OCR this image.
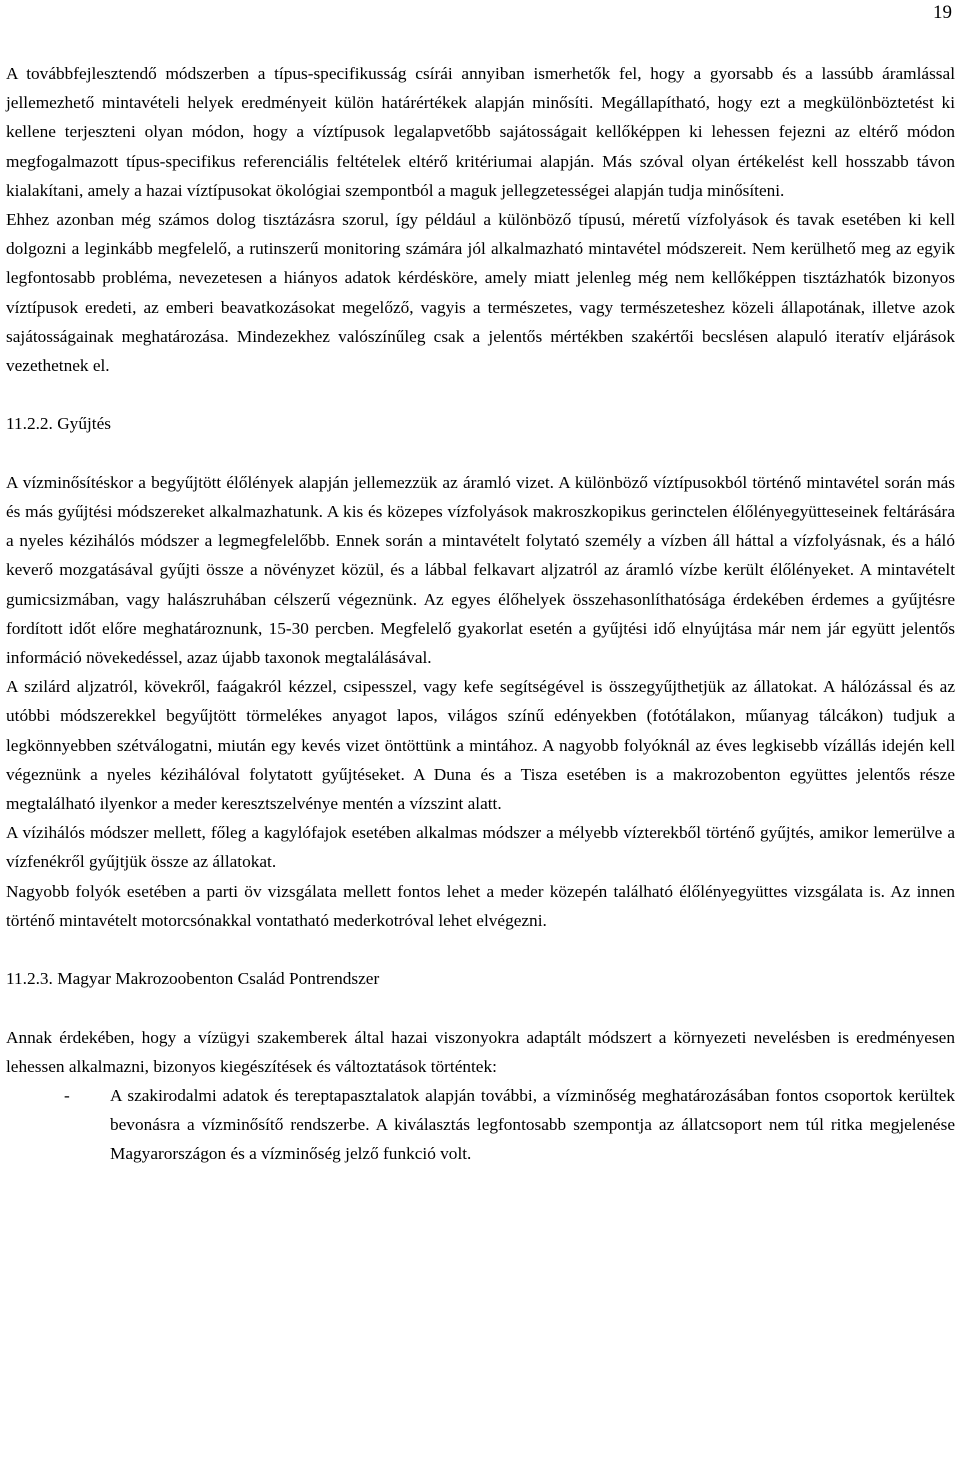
19

A továbbfejlesztendő módszerben a típus-specifikusság csírái annyiban ismerhetők fel, hogy a gyorsabb és a lassúbb áramlással jellemezhető mintavételi helyek eredményeit külön határértékek alapján minősíti. Megállapítható, hogy ezt a megkülönböztetést ki kellene terjeszteni olyan módon, hogy a víztípusok legalapvetőbb sajátosságait kellőképpen ki lehessen fejezni az eltérő módon megfogalmazott típus-specifikus referenciális feltételek eltérő kritériumai alapján. Más szóval olyan értékelést kell hosszabb távon kialakítani, amely a hazai víztípusokat ökológiai szempontból a maguk jellegzetességei alapján tudja minősíteni.

Ehhez azonban még számos dolog tisztázásra szorul, így például a különböző típusú, méretű vízfolyások és tavak esetében ki kell dolgozni a leginkább megfelelő, a rutinszerű monitoring számára jól alkalmazható mintavétel módszereit. Nem kerülhető meg az egyik legfontosabb probléma, nevezetesen a hiányos adatok kérdésköre, amely miatt jelenleg még nem kellőképpen tisztázhatók bizonyos víztípusok eredeti, az emberi beavatkozásokat megelőző, vagyis a természetes, vagy természeteshez közeli állapotának, illetve azok sajátosságainak meghatározása. Mindezekhez valószínűleg csak a jelentős mértékben szakértői becslésen alapuló iteratív eljárások vezethetnek el.

11.2.2. Gyűjtés

A vízminősítéskor a begyűjtött élőlények alapján jellemezzük az áramló vizet. A különböző víztípusokból történő mintavétel során más és más gyűjtési módszereket alkalmazhatunk. A kis és közepes vízfolyások makroszkopikus gerinctelen élőlényegyütteseinek feltárására a nyeles kézihálós módszer a legmegfelelőbb. Ennek során a mintavételt folytató személy a vízben áll háttal a vízfolyásnak, és a háló keverő mozgatásával gyűjti össze a növényzet közül, és a lábbal felkavart aljzatról az áramló vízbe került élőlényeket. A mintavételt gumicsizmában, vagy halászruhában célszerű végeznünk. Az egyes élőhelyek összehasonlíthatósága érdekében érdemes a gyűjtésre fordított időt előre meghatároznunk, 15-30 percben. Megfelelő gyakorlat esetén a gyűjtési idő elnyújtása már nem jár együtt jelentős információ növekedéssel, azaz újabb taxonok megtalálásával.

A szilárd aljzatról, kövekről, faágakról kézzel, csipesszel, vagy kefe segítségével is összegyűjthetjük az állatokat. A hálózással és az utóbbi módszerekkel begyűjtött törmelékes anyagot lapos, világos színű edényekben (fotótálakon, műanyag tálcákon) tudjuk a legkönnyebben szétválogatni, miután egy kevés vizet öntöttünk a mintához. A nagyobb folyóknál az éves legkisebb vízállás idején kell végeznünk a nyeles kézihálóval folytatott gyűjtéseket. A Duna és a Tisza esetében is a makrozobenton együttes jelentős része megtalálható ilyenkor a meder keresztszelvénye mentén a vízszint alatt.

A vízihálós módszer mellett, főleg a kagylófajok esetében alkalmas módszer a mélyebb vízterekből történő gyűjtés, amikor lemerülve a vízfenékről gyűjtjük össze az állatokat.

Nagyobb folyók esetében a parti öv vizsgálata mellett fontos lehet a meder közepén található élőlényegyüttes vizsgálata is. Az innen történő mintavételt motorcsónakkal vontatható mederkotróval lehet elvégezni.

11.2.3. Magyar Makrozoobenton Család Pontrendszer

Annak érdekében, hogy a vízügyi szakemberek által hazai viszonyokra adaptált módszert a környezeti nevelésben is eredményesen lehessen alkalmazni, bizonyos kiegészítések és változtatások történtek:

- A szakirodalmi adatok és tereptapasztalatok alapján további, a vízminőség meghatározásában fontos csoportok kerültek bevonásra a vízminősítő rendszerbe. A kiválasztás legfontosabb szempontja az állatcsoport nem túl ritka megjelenése Magyarországon és a vízminőség jelző funkció volt.
